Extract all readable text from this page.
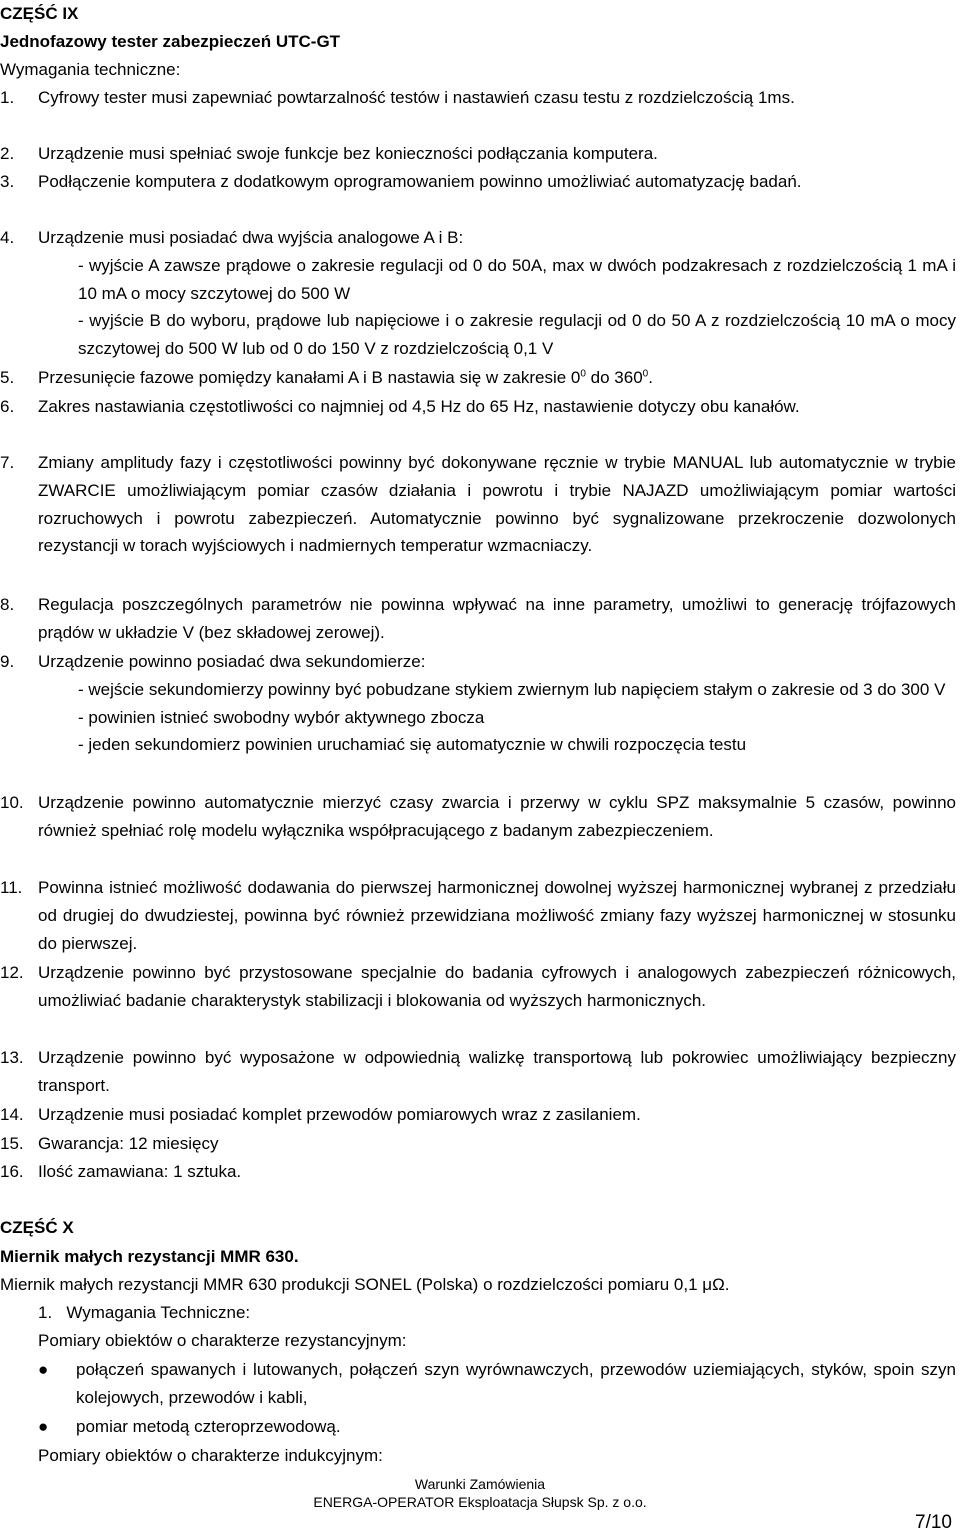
CZĘŚĆ IX
Jednofazowy tester zabezpieczeń UTC-GT
Wymagania techniczne:
1. Cyfrowy tester musi zapewniać powtarzalność testów i nastawień czasu testu z rozdzielczością 1ms.
2. Urządzenie musi spełniać swoje funkcje bez konieczności podłączania komputera.
3. Podłączenie komputera z dodatkowym oprogramowaniem powinno umożliwiać automatyzację badań.
4. Urządzenie musi posiadać dwa wyjścia analogowe A i B:
- wyjście A zawsze prądowe o zakresie regulacji od 0 do 50A, max w dwóch podzakresach z rozdzielczością 1 mA i 10 mA o mocy szczytowej do 500 W
- wyjście B do wyboru, prądowe lub napięciowe i o zakresie regulacji od 0 do 50 A z rozdzielczością 10 mA o mocy szczytowej do 500 W lub od 0 do 150 V z rozdzielczością 0,1 V
5. Przesunięcie fazowe pomiędzy kanałami A i B nastawia się w zakresie $0^0$ do $360^0$.
6. Zakres nastawiania częstotliwości co najmniej od 4,5 Hz do 65 Hz, nastawienie dotyczy obu kanałów.
7. Zmiany amplitudy fazy i częstotliwości powinny być dokonywane ręcznie w trybie MANUAL lub automatycznie w trybie ZWARCIE umożliwiającym pomiar czasów działania i powrotu i trybie NAJAZD umożliwiającym pomiar wartości rozruchowych i powrotu zabezpieczeń. Automatycznie powinno być sygnalizowane przekroczenie dozwolonych rezystancji w torach wyjściowych i nadmiernych temperatur wzmacniaczy.
8. Regulacja poszczególnych parametrów nie powinna wpływać na inne parametry, umożliwi to generację trójfazowych prądów w układzie V (bez składowej zerowej).
9. Urządzenie powinno posiadać dwa sekundomierze:
- wejście sekundomierzy powinny być pobudzane stykiem zwiernym lub napięciem stałym o zakresie od 3 do 300 V
- powinien istnieć swobodny wybór aktywnego zbocza
- jeden sekundomierz powinien uruchamiać się automatycznie w chwili rozpoczęcia testu
10. Urządzenie powinno automatycznie mierzyć czasy zwarcia i przerwy w cyklu SPZ maksymalnie 5 czasów, powinno również spełniać rolę modelu wyłącznika współpracującego z badanym zabezpieczeniem.
11. Powinna istnieć możliwość dodawania do pierwszej harmonicznej dowolnej wyższej harmonicznej wybranej z przedziału od drugiej do dwudziestej, powinna być również przewidziana możliwość zmiany fazy wyższej harmonicznej w stosunku do pierwszej.
12. Urządzenie powinno być przystosowane specjalnie do badania cyfrowych i analogowych zabezpieczeń różnicowych, umożliwiać badanie charakterystyk stabilizacji i blokowania od wyższych harmonicznych.
13. Urządzenie powinno być wyposażone w odpowiednią walizkę transportową lub pokrowiec umożliwiający bezpieczny transport.
14. Urządzenie musi posiadać komplet przewodów pomiarowych wraz z zasilaniem.
15. Gwarancja: 12 miesięcy
16. Ilość zamawiana: 1 sztuka.
CZĘŚĆ X
Miernik małych rezystancji MMR 630.
Miernik małych rezystancji MMR 630 produkcji SONEL (Polska) o rozdzielczości pomiaru 0,1 μΩ.
1. Wymagania Techniczne:
Pomiary obiektów o charakterze rezystancyjnym:
● połączeń spawanych i lutowanych, połączeń szyn wyrównawczych, przewodów uziemiających, styków, spoin szyn kolejowych, przewodów i kabli,
● pomiar metodą czteroprzewodową.
Pomiary obiektów o charakterze indukcyjnym:
Warunki Zamówienia
ENERGA-OPERATOR Eksploatacja Słupsk Sp. z o.o.
7/10
